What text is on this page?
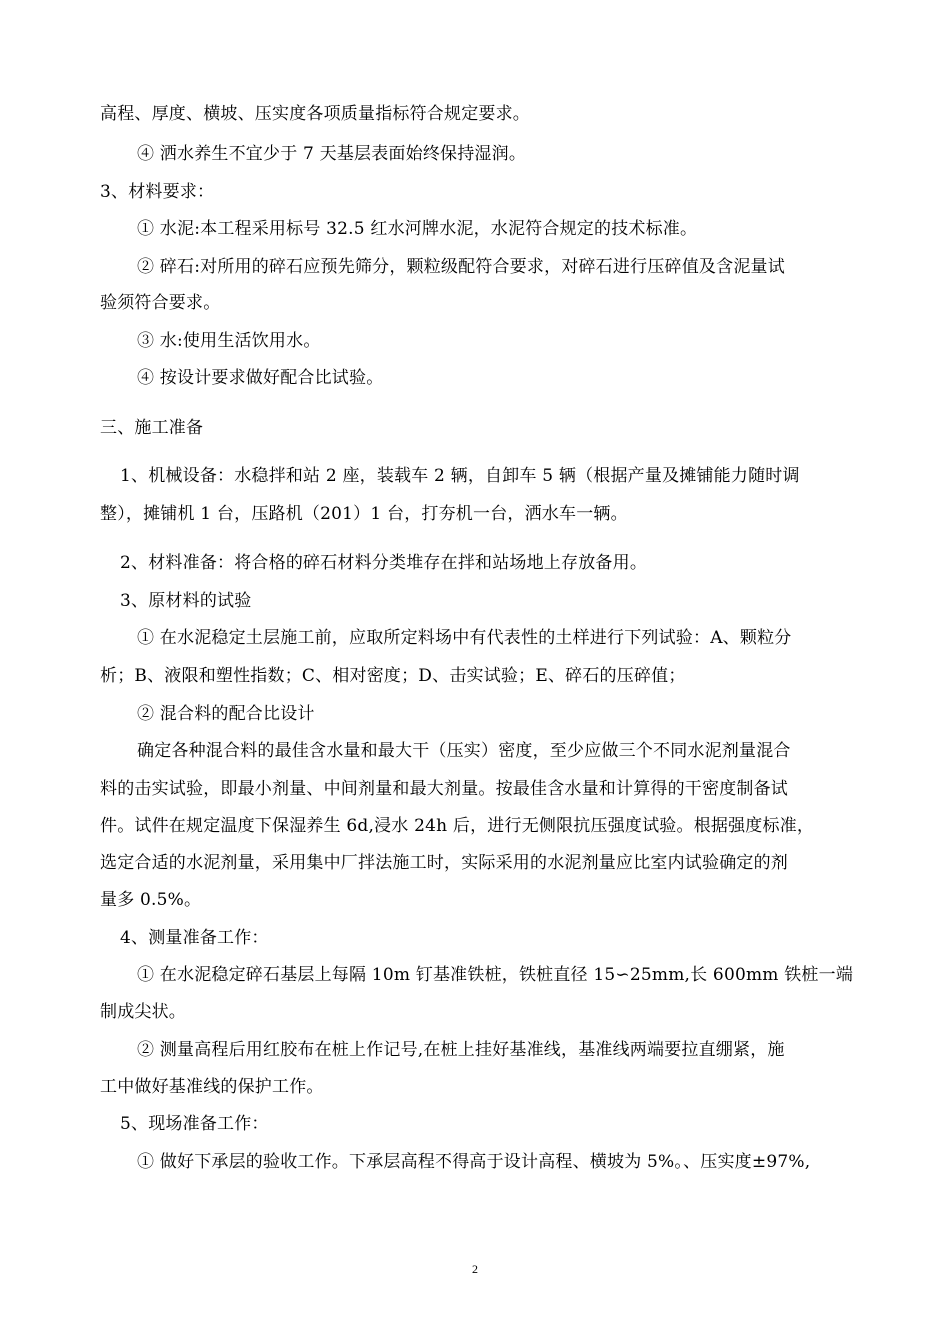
高程、厚度、横坡、压实度各项质量指标符合规定要求。
④ 洒水养生不宜少于 7 天基层表面始终保持湿润。
3、材料要求：
① 水泥:本工程采用标号 32.5 红水河牌水泥，水泥符合规定的技术标准。
② 碎石:对所用的碎石应预先筛分，颗粒级配符合要求，对碎石进行压碎值及含泥量试
验须符合要求。
③ 水:使用生活饮用水。
④ 按设计要求做好配合比试验。
三、施工准备
1、机械设备：水稳拌和站 2 座，装载车 2 辆，自卸车 5 辆（根据产量及摊铺能力随时调
整），摊铺机 1 台，压路机（201）1 台，打夯机一台，洒水车一辆。
2、材料准备：将合格的碎石材料分类堆存在拌和站场地上存放备用。
3、原材料的试验
① 在水泥稳定土层施工前，应取所定料场中有代表性的土样进行下列试验：A、颗粒分
析；B、液限和塑性指数；C、相对密度；D、击实试验；E、碎石的压碎值；
② 混合料的配合比设计
确定各种混合料的最佳含水量和最大干（压实）密度，至少应做三个不同水泥剂量混合
料的击实试验，即最小剂量、中间剂量和最大剂量。按最佳含水量和计算得的干密度制备试
件。试件在规定温度下保湿养生 6d,浸水 24h 后，进行无侧限抗压强度试验。根据强度标准，
选定合适的水泥剂量，采用集中厂拌法施工时，实际采用的水泥剂量应比室内试验确定的剂
量多 0.5%。
4、测量准备工作：
① 在水泥稳定碎石基层上每隔 10m 钉基准铁桩，铁桩直径 15∽25mm,长 600mm 铁桩一端
制成尖状。
② 测量高程后用红胶布在桩上作记号,在桩上挂好基准线，基准线两端要拉直绷紧，施
工中做好基准线的保护工作。
5、现场准备工作：
① 做好下承层的验收工作。下承层高程不得高于设计高程、横坡为 5%。、压实度±97%,
2
